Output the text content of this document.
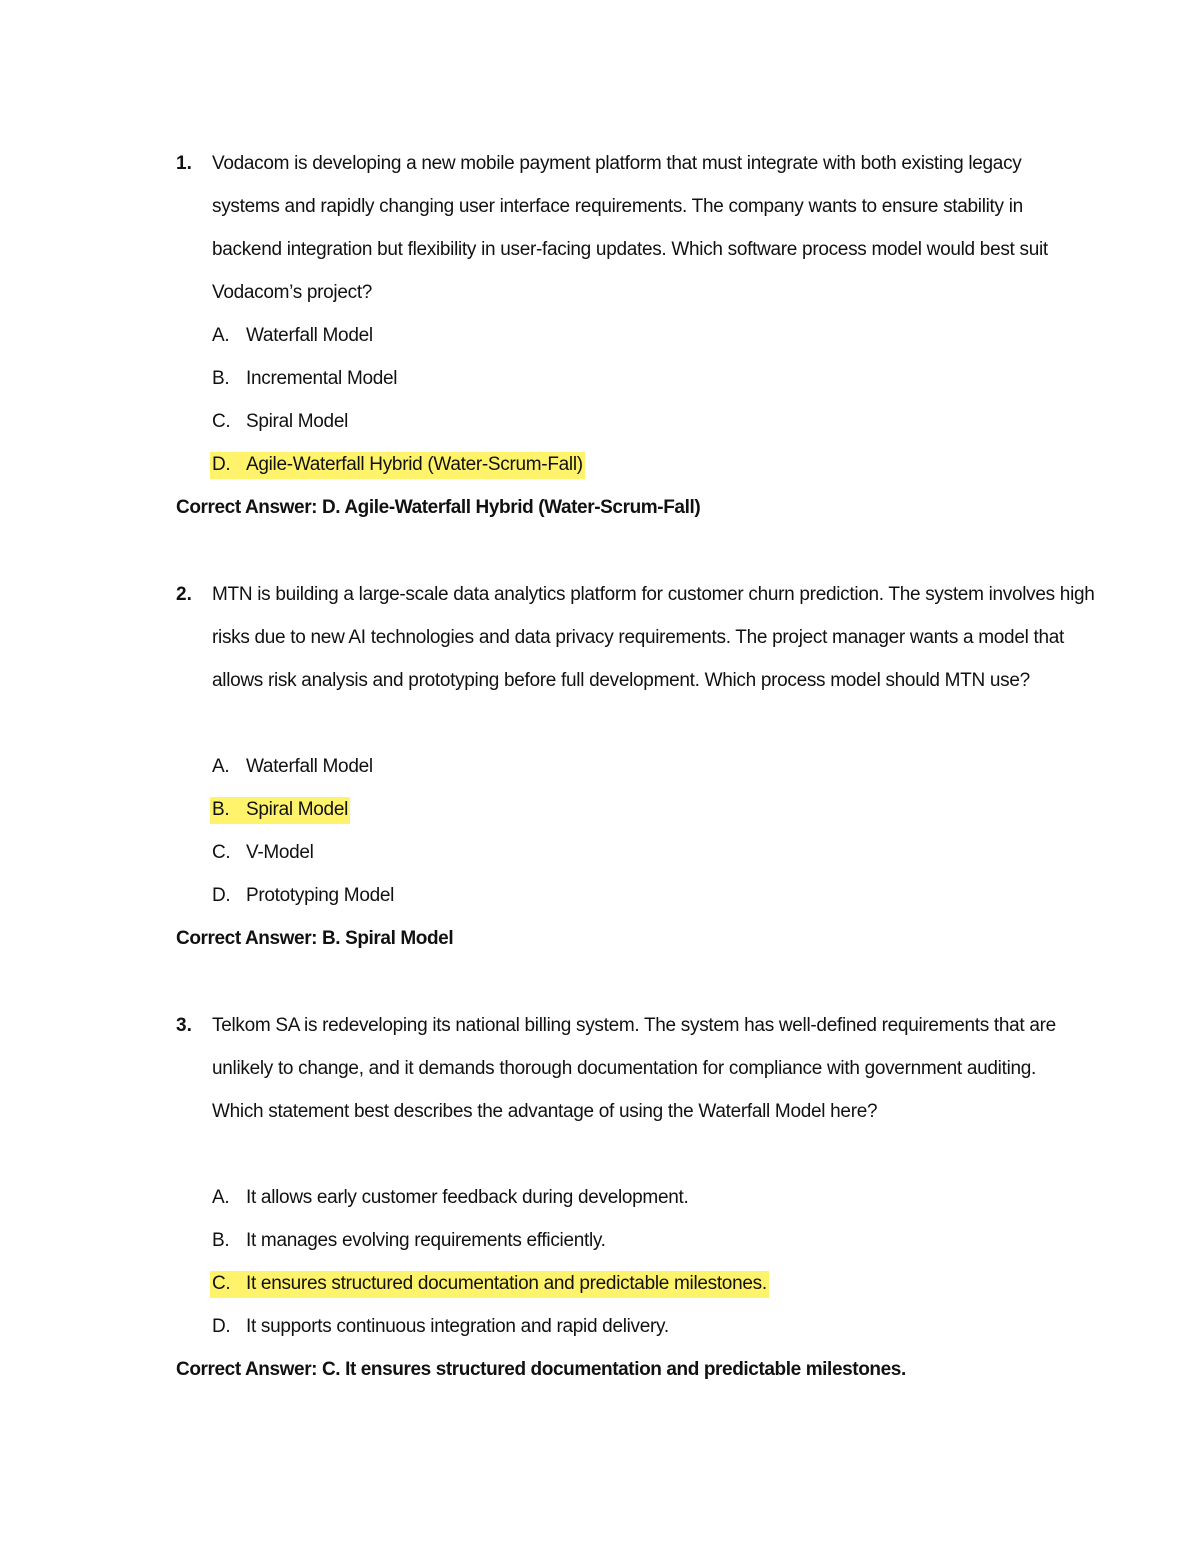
1. Vodacom is developing a new mobile payment platform that must integrate with both existing legacy systems and rapidly changing user interface requirements. The company wants to ensure stability in backend integration but flexibility in user-facing updates. Which software process model would best suit Vodacom’s project?
A. Waterfall Model
B. Incremental Model
C. Spiral Model
D. Agile-Waterfall Hybrid (Water-Scrum-Fall)
Correct Answer: D. Agile-Waterfall Hybrid (Water-Scrum-Fall)
2. MTN is building a large-scale data analytics platform for customer churn prediction. The system involves high risks due to new AI technologies and data privacy requirements. The project manager wants a model that allows risk analysis and prototyping before full development. Which process model should MTN use?
A. Waterfall Model
B. Spiral Model
C. V-Model
D. Prototyping Model
Correct Answer: B. Spiral Model
3. Telkom SA is redeveloping its national billing system. The system has well-defined requirements that are unlikely to change, and it demands thorough documentation for compliance with government auditing. Which statement best describes the advantage of using the Waterfall Model here?
A. It allows early customer feedback during development.
B. It manages evolving requirements efficiently.
C. It ensures structured documentation and predictable milestones.
D. It supports continuous integration and rapid delivery.
Correct Answer: C. It ensures structured documentation and predictable milestones.
